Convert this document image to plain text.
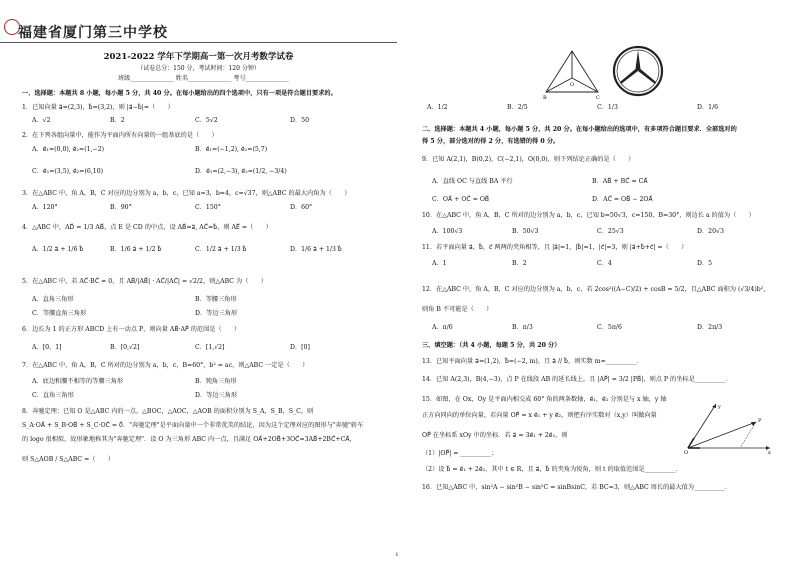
福建省厦门第三中学校
2021-2022 学年下学期高一第一次月考数学试卷
（试卷总分：150 分，考试时间：120 分钟）
班级______________ 姓名______________ 考号______________
一、选择题：本题共 8 小题，每小题 5 分，共 40 分。在每小题给出的四个选项中，只有一项是符合题目要求的。
1．已知向量 a⃗=(2,3)，b⃗=(3,2)，则 |a⃗−b⃗|=（　　）
A．√2	B．2	C．5√2	D．50
2．在下列各组向量中，能作为平面内所有向量的一组基底的是（　　）
A．e⃗₁=(0,0), e⃗₂=(1,−2)	B．e⃗₁=(−1,2), e⃗₂=(5,7)
C．e⃗₁=(3,5), e⃗₂=(6,10)	D．e⃗₁=(2,−3), e⃗₂=(1/2, −3/4)
3．在△ABC 中，角 A，B，C 对应的边分别为 a，b，c，已知 a=3，b=4，c=√37，则△ABC 的最大内角为（　　）
A．120°	B．90°	C．150°	D．60°
4．△ABC 中，AD⃗ = 1/3 AB⃗，点 E 是 CD 的中点，设 AB⃗=a⃗, AC⃗=b⃗，则 AE⃗ =（　　）
A．1/2 a⃗ + 1/6 b⃗	B．1/6 a⃗ + 1/2 b⃗	C．1/2 a⃗ + 1/3 b⃗	D．1/6 a⃗ + 1/3 b⃗
5．在△ABC 中，若 AC⃗·BC⃗ = 0，且 AB⃗/|AB⃗| · AC⃗/|AC⃗| = √2/2，则△ABC 为（　　）
A．直角三角形	B．等腰三角形
C．等腰直角三角形	D．等边三角形
6．边长为 1 的正方形 ABCD 上有一动点 P，则向量 AB⃗·AP⃗ 的范围是（　　）
A．[0，1]	B．[0,√2]	C．[1,√2]	D．[0]
7．在△ABC 中，角 A，B，C 所对的边分别为 a，b，c，B=60°，b² = ac，则△ABC 一定是（　　）
A．底边和腰不相等的等腰三角形	B．钝角三角形
C．直角三角形	D．等边三角形
8．奔驰定理：已知 O 是△ABC 内的一点，△BOC，△AOC，△AOB 的面积分别为 S_A，S_B，S_C，则
S_A·OA⃗ + S_B·OB⃗ + S_C·OC⃗ = 0⃗．"奔驰定理"是平面向量中一个非常优美的结论，因为这个定理对应的图形与"奔驰"轿车
的 logo 很相似，故形象地称其为"奔驰定理"．设 O 为三角形 ABC 内一点，且满足 OA⃗+2OB⃗+3OC⃗=3AB⃗+2BC⃗+CA⃗，
则 S△AOB / S△ABC =（　　）
B
O
C
A．1/2	B．2/5	C．1/3	D．1/6
二、选择题：本题共 4 小题，每小题 5 分，共 20 分。在每小题给出的选项中，有多项符合题目要求．全部选对的
得 5 分，部分选对的得 2 分，有选错的得 0 分。
9．已知 A(2,1)，B(0,2)，C(−2,1)，O(0,0)，则下列结论正确的是（　　）
A．直线 OC 与直线 BA 平行	B．AB⃗ + BC⃗ = CA⃗
C．OA⃗ + OC⃗ = OB⃗	D．AC⃗ = OB⃗ − 2OA⃗
10．在△ABC 中，角 A，B，C 所对的边分别为 a，b，c，已知 b=50√3，c=150，B=30°，则边长 a 的值为（　　）
A．100√3	B．50√3	C．25√3	D．20√3
11．若平面向量 a⃗，b⃗，c⃗ 两两的夹角相等，且 |a⃗|=1，|b⃗|=1，|c⃗|=3，则 |a⃗+b⃗+c⃗| =（　　）
A．1	B．2	C．4	D．5
12．在△ABC 中，角 A，B，C 对应的边分别为 a，b，c，若 2cos²((A−C)/2) + cosB = 5/2，且△ABC 面积为 (√3/4)b²，
则角 B 不可能是（　　）
A．π/6	B．π/3	C．5π/6	D．2π/3
三、填空题：（共 4 小题，每题 5 分，共 20 分）
13．已知平面向量 a⃗=(1,2)，b⃗=(−2, m)，且 a⃗ // b⃗，则实数 m=__________．
14．已知 A(2,3)，B(4,−3)，点 P 在线段 AB 的延长线上，且 |AP⃗| = 3/2 |PB⃗|，则点 P 的坐标是__________．
15．如图，在 Ox，Oy 是平面内相交成 60° 角的两条数轴，e⃗₁，e⃗₂ 分别是与 x 轴，y 轴
正方向同向的单位向量，若向量 OP⃗ = x e⃗₁ + y e⃗₂，则把有序实数对（x,y）叫做向量
OP⃗ 在坐标系 xOy 中的坐标．若 a⃗ = 3e⃗₁ + 2e⃗₂，则
（1）|OP⃗| = __________；
（2）设 b⃗ = e⃗₁ + 2e⃗₂，其中 t ∈ R，且 a⃗，b⃗ 的夹角为锐角，则 t 的取值范围是__________．
O	x
y
P
16．已知△ABC 中，sin²A − sin²B − sin²C = sinBsinC，若 BC=3，则△ABC 周长的最大值为__________．
1
